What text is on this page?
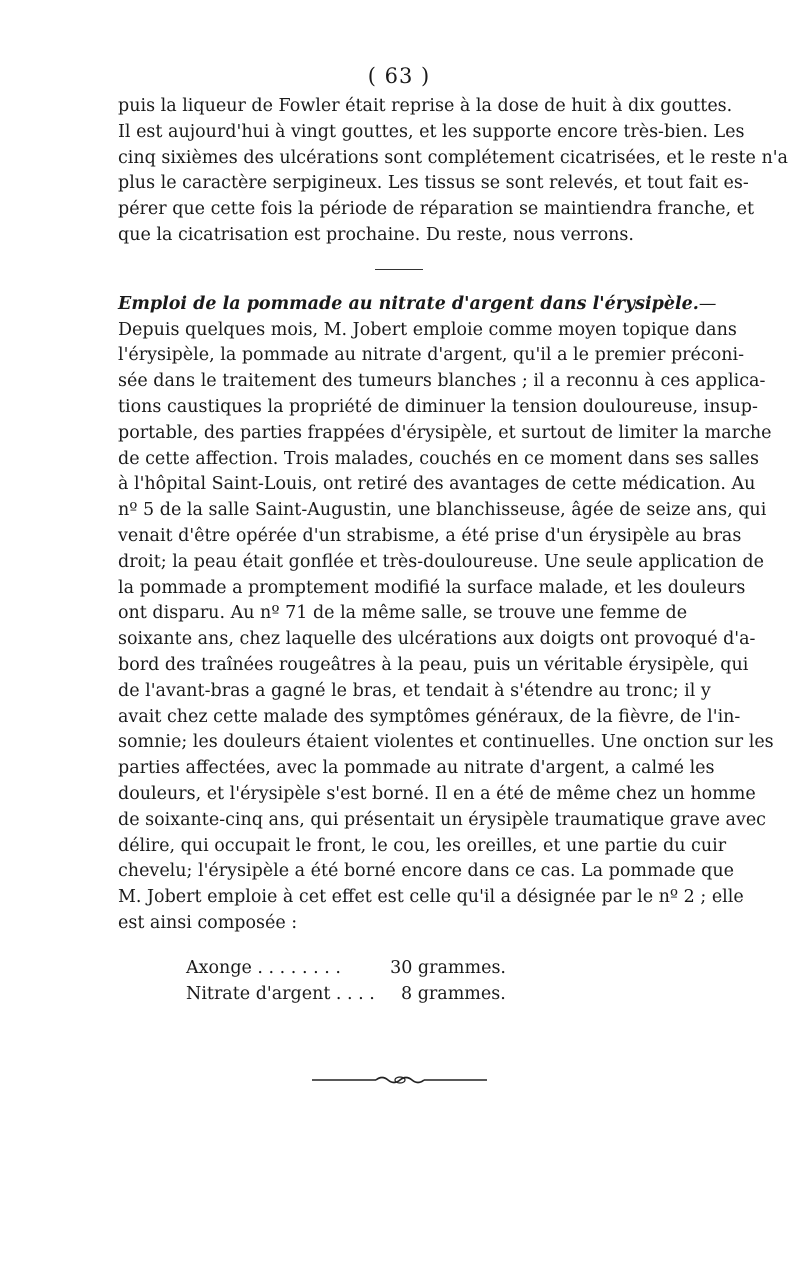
( 63 )
puis la liqueur de Fowler était reprise à la dose de huit à dix gouttes.
Il est aujourd'hui à vingt gouttes, et les supporte encore très-bien. Les
cinq sixièmes des ulcérations sont complétement cicatrisées, et le reste n'a
plus le caractère serpigineux. Les tissus se sont relevés, et tout fait es-
pérer que cette fois la période de réparation se maintiendra franche, et
que la cicatrisation est prochaine. Du reste, nous verrons.
Emploi de la pommade au nitrate d'argent dans l'érysipèle.—
Depuis quelques mois, M. Jobert emploie comme moyen topique dans
l'érysipèle, la pommade au nitrate d'argent, qu'il a le premier préconi-
sée dans le traitement des tumeurs blanches ; il a reconnu à ces applica-
tions caustiques la propriété de diminuer la tension douloureuse, insup-
portable, des parties frappées d'érysipèle, et surtout de limiter la marche
de cette affection. Trois malades, couchés en ce moment dans ses salles
à l'hôpital Saint-Louis, ont retiré des avantages de cette médication. Au
nº 5 de la salle Saint-Augustin, une blanchisseuse, âgée de seize ans, qui
venait d'être opérée d'un strabisme, a été prise d'un érysipèle au bras
droit; la peau était gonflée et très-douloureuse. Une seule application de
la pommade a promptement modifié la surface malade, et les douleurs
ont disparu. Au nº 71 de la même salle, se trouve une femme de
soixante ans, chez laquelle des ulcérations aux doigts ont provoqué d'a-
bord des traînées rougeâtres à la peau, puis un véritable érysipèle, qui
de l'avant-bras a gagné le bras, et tendait à s'étendre au tronc; il y
avait chez cette malade des symptômes généraux, de la fièvre, de l'in-
somnie; les douleurs étaient violentes et continuelles. Une onction sur les
parties affectées, avec la pommade au nitrate d'argent, a calmé les
douleurs, et l'érysipèle s'est borné. Il en a été de même chez un homme
de soixante-cinq ans, qui présentait un érysipèle traumatique grave avec
délire, qui occupait le front, le cou, les oreilles, et une partie du cuir
chevelu; l'érysipèle a été borné encore dans ce cas. La pommade que
M. Jobert emploie à cet effet est celle qu'il a désignée par le nº 2 ; elle
est ainsi composée :
Axonge . . . . . . . .	30 grammes.
Nitrate d'argent . . . .	8 grammes.
